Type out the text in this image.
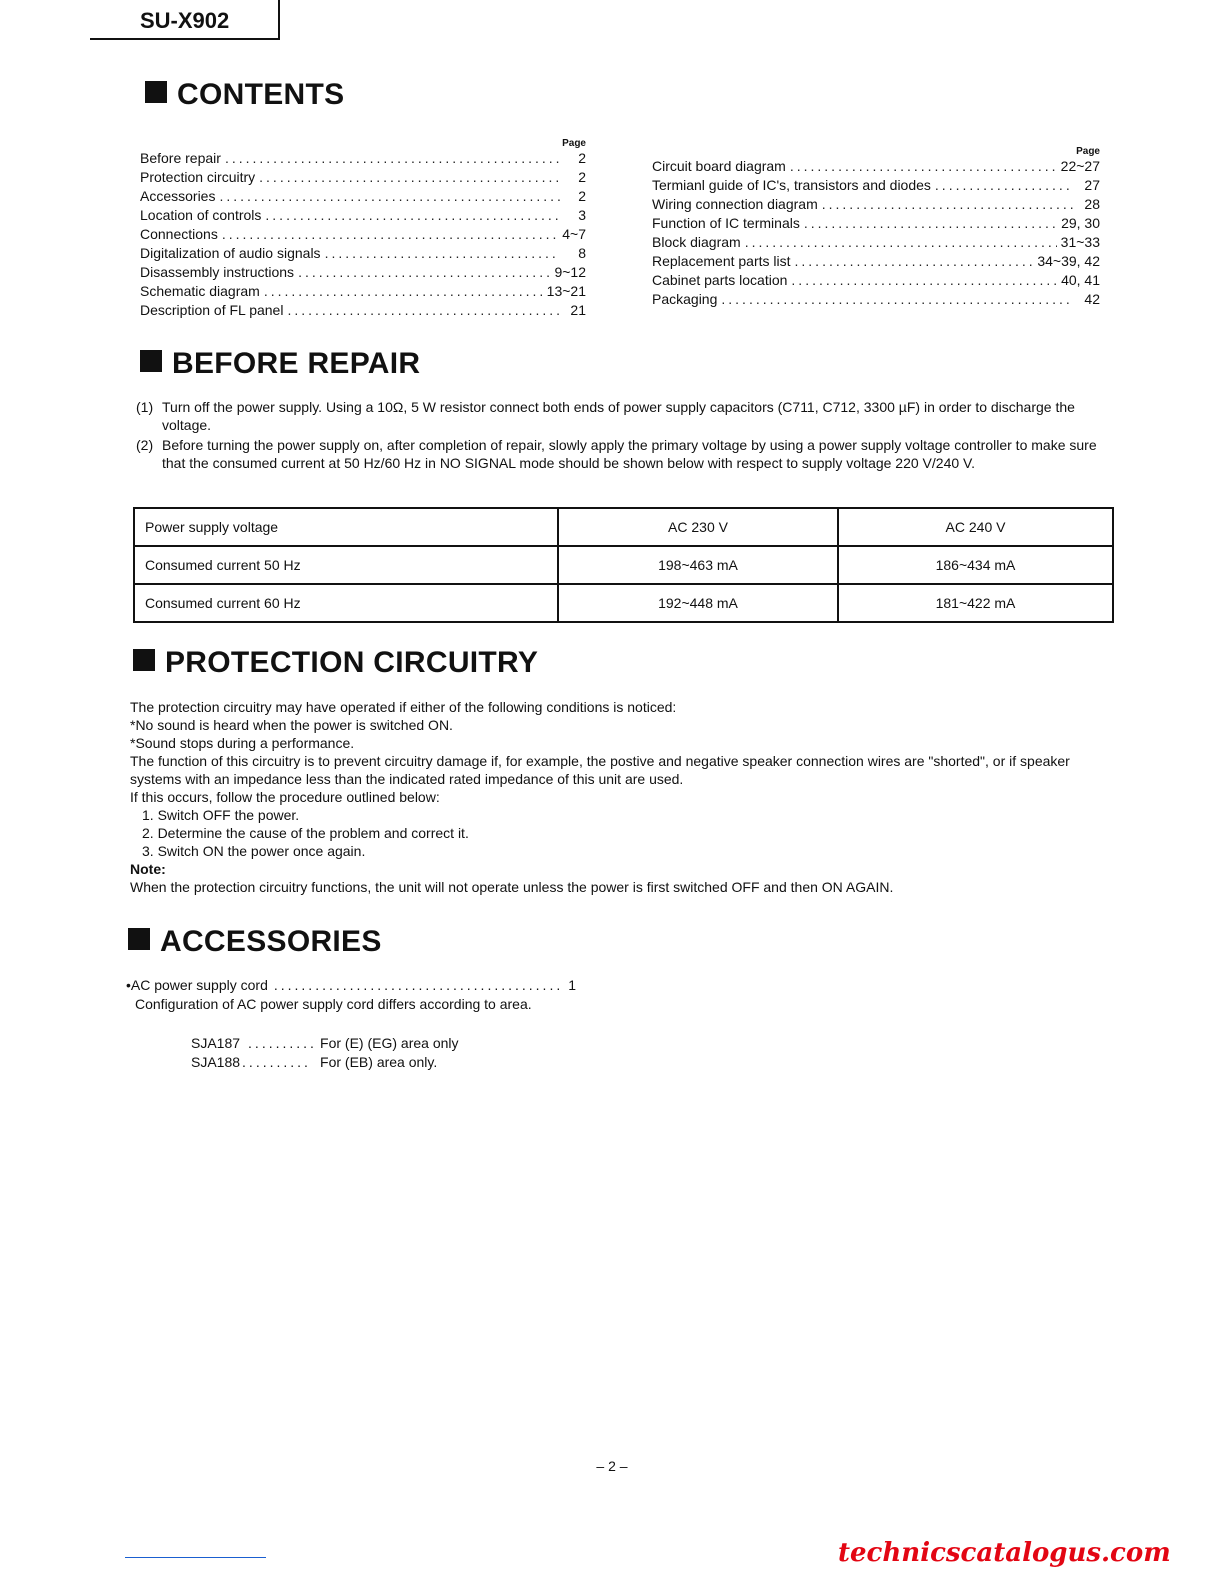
SU-X902
CONTENTS
Page
Before repair .....	2
Protection circuitry .....	2
Accessories .....	2
Location of controls .....	3
Connections .....	4~7
Digitalization of audio signals .....	8
Disassembly instructions .....	9~12
Schematic diagram .....	13~21
Description of FL panel .....	21
Page
Circuit board diagram .....	22~27
Termianl guide of IC's, transistors and diodes .....	27
Wiring connection diagram .....	28
Function of IC terminals .....	29, 30
Block diagram .....	31~33
Replacement parts list .....	34~39, 42
Cabinet parts location .....	40, 41
Packaging .....	42
BEFORE REPAIR
(1) Turn off the power supply. Using a 10Ω, 5 W resistor connect both ends of power supply capacitors (C711, C712, 3300 µF) in order to discharge the voltage.
(2) Before turning the power supply on, after completion of repair, slowly apply the primary voltage by using a power supply voltage controller to make sure that the consumed current at 50 Hz/60 Hz in NO SIGNAL mode should be shown below with respect to supply voltage 220 V/240 V.
Power supply voltage	AC 230 V	AC 240 V
Consumed current 50 Hz	198~463 mA	186~434 mA
Consumed current 60 Hz	192~448 mA	181~422 mA
PROTECTION CIRCUITRY
The protection circuitry may have operated if either of the following conditions is noticed:
*No sound is heard when the power is switched ON.
*Sound stops during a performance.
The function of this circuitry is to prevent circuitry damage if, for example, the postive and negative speaker connection wires are "shorted", or if speaker systems with an impedance less than the indicated rated impedance of this unit are used.
If this occurs, follow the procedure outlined below:
1. Switch OFF the power.
2. Determine the cause of the problem and correct it.
3. Switch ON the power once again.
Note:
When the protection circuitry functions, the unit will not operate unless the power is first switched OFF and then ON AGAIN.
ACCESSORIES
•AC power supply cord .....	1
Configuration of AC power supply cord differs according to area.
SJA187 .....	For (E) (EG) area only
SJA188 .....	For (EB) area only.
– 2 –
technicscatalogus.com
